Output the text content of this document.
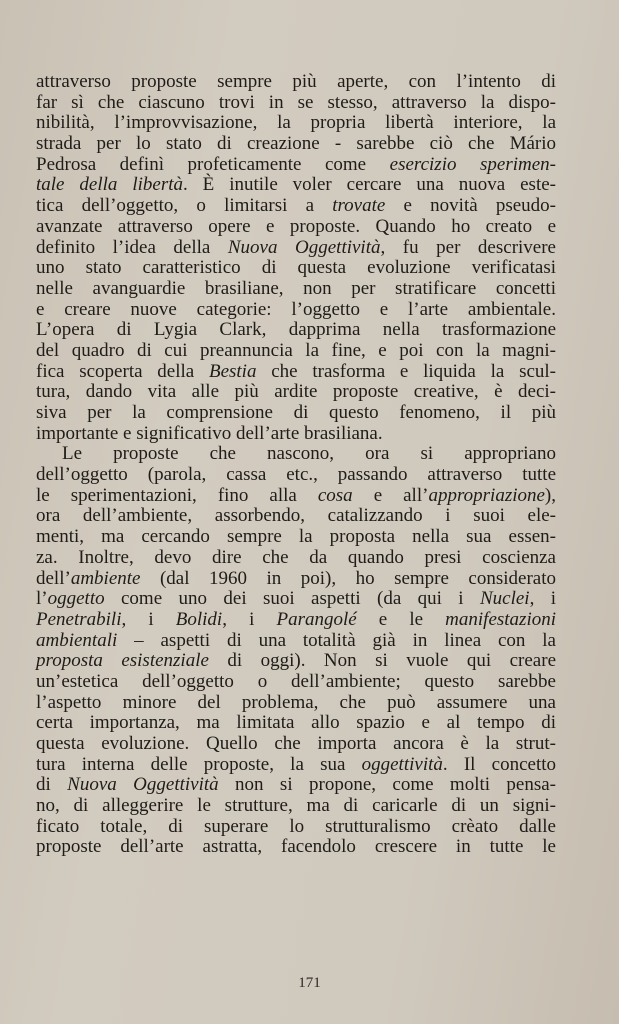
attraverso proposte sempre più aperte, con l’intento di
far sì che ciascuno trovi in se stesso, attraverso la dispo-
nibilità, l’improvvisazione, la propria libertà interiore, la
strada per lo stato di creazione - sarebbe ciò che Mário
Pedrosa definì profeticamente come esercizio sperimen-
tale della libertà. È inutile voler cercare una nuova este-
tica dell’oggetto, o limitarsi a trovate e novità pseudo-
avanzate attraverso opere e proposte. Quando ho creato e
definito l’idea della Nuova Oggettività, fu per descrivere
uno stato caratteristico di questa evoluzione verificatasi
nelle avanguardie brasiliane, non per stratificare concetti
e creare nuove categorie: l’oggetto e l’arte ambientale.
L’opera di Lygia Clark, dapprima nella trasformazione
del quadro di cui preannuncia la fine, e poi con la magni-
fica scoperta della Bestia che trasforma e liquida la scul-
tura, dando vita alle più ardite proposte creative, è deci-
siva per la comprensione di questo fenomeno, il più
importante e significativo dell’arte brasiliana.
Le proposte che nascono, ora si appropriano
dell’oggetto (parola, cassa etc., passando attraverso tutte
le sperimentazioni, fino alla cosa e all’appropriazione),
ora dell’ambiente, assorbendo, catalizzando i suoi ele-
menti, ma cercando sempre la proposta nella sua essen-
za. Inoltre, devo dire che da quando presi coscienza
dell’ambiente (dal 1960 in poi), ho sempre considerato
l’oggetto come uno dei suoi aspetti (da qui i Nuclei, i
Penetrabili, i Bolidi, i Parangolé e le manifestazioni
ambientali – aspetti di una totalità già in linea con la
proposta esistenziale di oggi). Non si vuole qui creare
un’estetica dell’oggetto o dell’ambiente; questo sarebbe
l’aspetto minore del problema, che può assumere una
certa importanza, ma limitata allo spazio e al tempo di
questa evoluzione. Quello che importa ancora è la strut-
tura interna delle proposte, la sua oggettività. Il concetto
di Nuova Oggettività non si propone, come molti pensa-
no, di alleggerire le strutture, ma di caricarle di un signi-
ficato totale, di superare lo strutturalismo crèato dalle
proposte dell’arte astratta, facendolo crescere in tutte le
171
